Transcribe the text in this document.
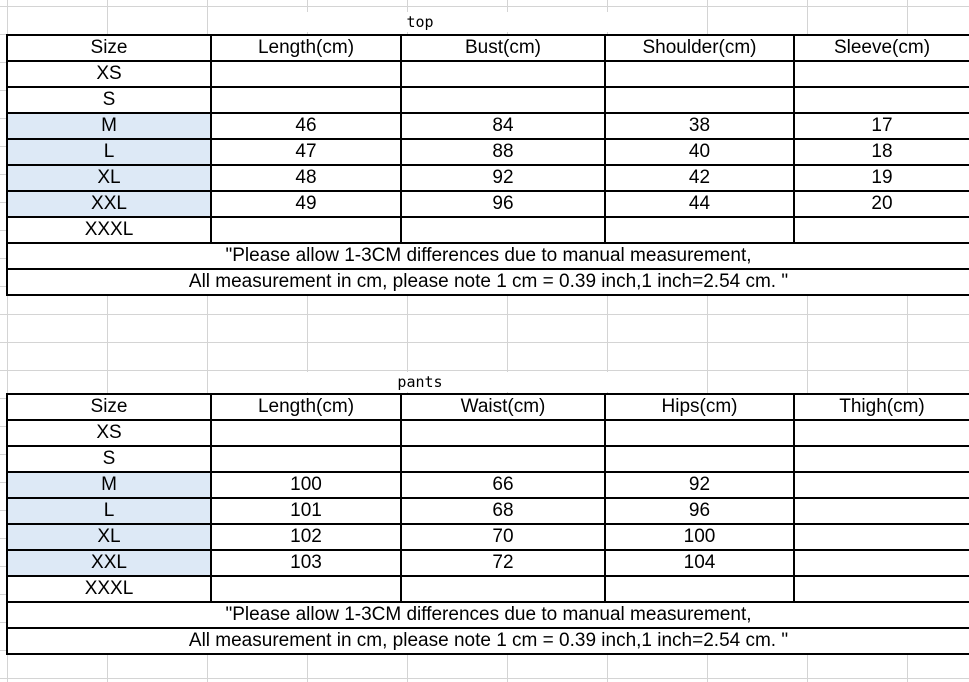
top
Size	Length(cm)	Bust(cm)	Shoulder(cm)	Sleeve(cm)
XS				
S				
M	46	84	38	17
L	47	88	40	18
XL	48	92	42	19
XXL	49	96	44	20
XXXL				
"Please allow 1-3CM differences due to manual measurement,				
All measurement in cm, please note 1 cm = 0.39 inch,1 inch=2.54 cm. "				
pants
Size	Length(cm)	Waist(cm)	Hips(cm)	Thigh(cm)
XS				
S				
M	100	66	92	
L	101	68	96	
XL	102	70	100	
XXL	103	72	104	
XXXL				
"Please allow 1-3CM differences due to manual measurement,				
All measurement in cm, please note 1 cm = 0.39 inch,1 inch=2.54 cm. "				
